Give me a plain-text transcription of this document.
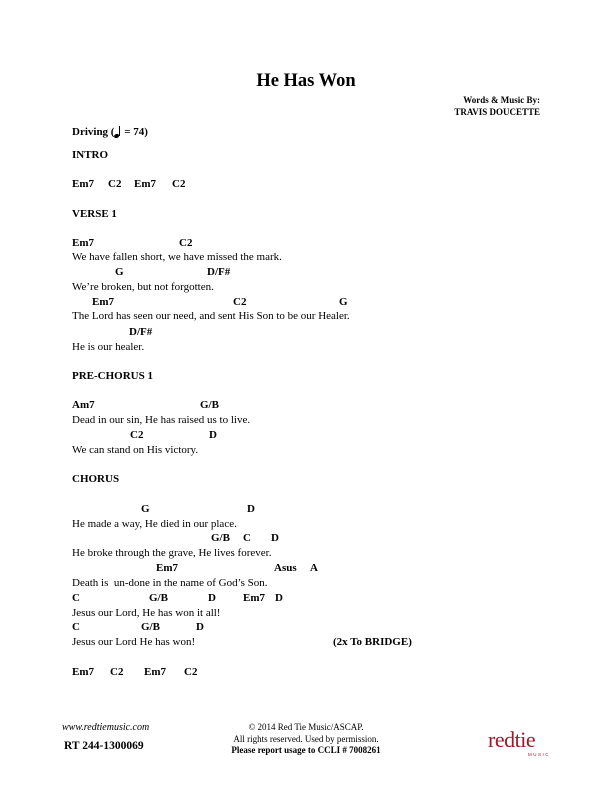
He Has Won
Words & Music By:
TRAVIS DOUCETTE
Driving (
= 74)
INTRO
Em7 C2 Em7 C2
VERSE 1
Em7	C2
We have fallen short, we have missed the mark.
G	D/F#
We’re broken, but not forgotten.
Em7	C2	G
The Lord has seen our need, and sent His Son to be our Healer.
D/F#
He is our healer.
PRE-CHORUS 1
Am7	G/B
Dead in our sin, He has raised us to live.
C2	D
We can stand on His victory.
CHORUS
G	D
He made a way, He died in our place.
G/B C D
He broke through the grave, He lives forever.
Em7	Asus A
Death is  un-done in the name of God’s Son.
C	G/B	D Em7 D
Jesus our Lord, He has won it all!
C	G/B	D
Jesus our Lord He has won!	(2x To BRIDGE)
Em7 C2 Em7 C2
www.redtiemusic.com
RT 244-1300069
© 2014 Red Tie Music/ASCAP.
All rights reserved. Used by permission.
Please report usage to CCLI # 7008261	redtie
MUSIC
